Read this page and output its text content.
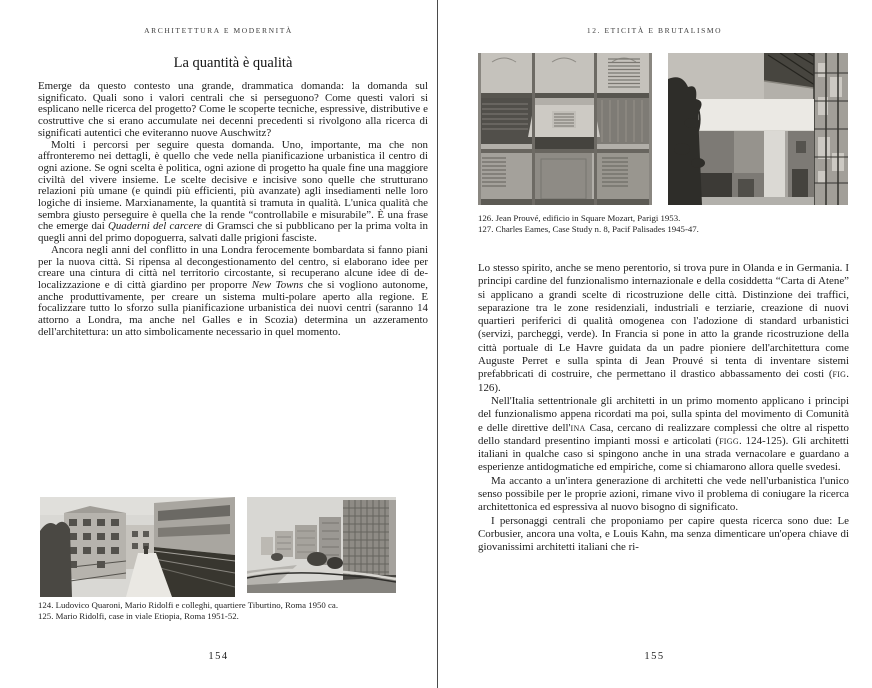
ARCHITETTURA E MODERNITÀ
La quantità è qualità

Emerge da questo contesto una grande, drammatica domanda: la domanda sul significato. Quali sono i valori centrali che si perseguono? Come questi valori si esplicano nelle ricerca del progetto? Come le scoperte tecniche, espressive, distributive e costruttive che si erano accumulate nei decenni precedenti si rivolgono alla ricerca di significati autentici che eviteranno nuove Auschwitz?

Molti i percorsi per seguire questa domanda. Uno, importante, ma che non affronteremo nei dettagli, è quello che vede nella pianificazione urbanistica il centro di ogni azione. Se ogni scelta è politica, ogni azione di progetto ha quale fine una maggiore civiltà del vivere insieme. Le scelte decisive e incisive sono quelle che strutturano relazioni più umane (e quindi più efficienti, più avanzate) agli insediamenti nelle loro logiche di insieme. Marxianamente, la quantità si tramuta in qualità. L'unica qualità che sembra giusto perseguire è quella che la rende “controllabile e misurabile”. È una frase che emerge dai Quaderni del carcere di Gramsci che si pubblicano per la prima volta in quegli anni del primo dopoguerra, salvati dalle prigioni fasciste.

Ancora negli anni del conflitto in una Londra ferocemente bombardata si fanno piani per la nuova città. Si ripensa al decongestionamento del centro, si elaborano idee per creare una cintura di città nel territorio circostante, si recuperano alcune idee di de-localizzazione e di città giardino per proporre New Towns che si vogliono autonome, anche produttivamente, per creare un sistema multi-polare aperto alla regione. E focalizzare tutto lo sforzo sulla pianificazione urbanistica dei nuovi centri (saranno 14 attorno a Londra, ma anche nel Galles e in Scozia) determina un azzeramento dell'architettura: un atto simbolicamente necessario in quel momento.

124. Ludovico Quaroni, Mario Ridolfi e colleghi, quartiere Tiburtino, Roma 1950 ca.
125. Mario Ridolfi, case in viale Etiopia, Roma 1951-52.
154
12. ETICITÀ E BRUTALISMO
126. Jean Prouvé, edificio in Square Mozart, Parigi 1953.
127. Charles Eames, Case Study n. 8, Pacif Palisades 1945-47.

Lo stesso spirito, anche se meno perentorio, si trova pure in Olanda e in Germania. I principi cardine del funzionalismo internazionale e della cosiddetta “Carta di Atene” si applicano a grandi scelte di ricostruzione delle città. Distinzione dei traffici, separazione tra le zone residenziali, industriali e terziarie, creazione di nuovi quartieri periferici di qualità omogenea con l'adozione di standard urbanistici (servizi, parcheggi, verde). In Francia si pone in atto la grande ricostruzione della città portuale di Le Havre guidata da un padre pioniere dell'architettura come Auguste Perret e sulla spinta di Jean Prouvé si tenta di inventare sistemi prefabbricati di costruire, che permettano il drastico abbassamento dei costi (fig. 126).

Nell'Italia settentrionale gli architetti in un primo momento applicano i principi del funzionalismo appena ricordati ma poi, sulla spinta del movimento di Comunità e delle direttive dell'ina Casa, cercano di realizzare complessi che oltre al rispetto dello standard presentino impianti mossi e articolati (figg. 124-125). Gli architetti italiani in qualche caso si spingono anche in una strada vernacolare e guardano a esperienze antidogmatiche ed empiriche, come si chiamarono allora quelle svedesi.

Ma accanto a un'intera generazione di architetti che vede nell'urbanistica l'unico senso possibile per le proprie azioni, rimane vivo il problema di coniugare la ricerca architettonica ed espressiva al nuovo bisogno di significato.

I personaggi centrali che proponiamo per capire questa ricerca sono due: Le Corbusier, ancora una volta, e Louis Kahn, ma senza dimenticare un'opera chiave di giovanissimi architetti italiani che ri-

155
